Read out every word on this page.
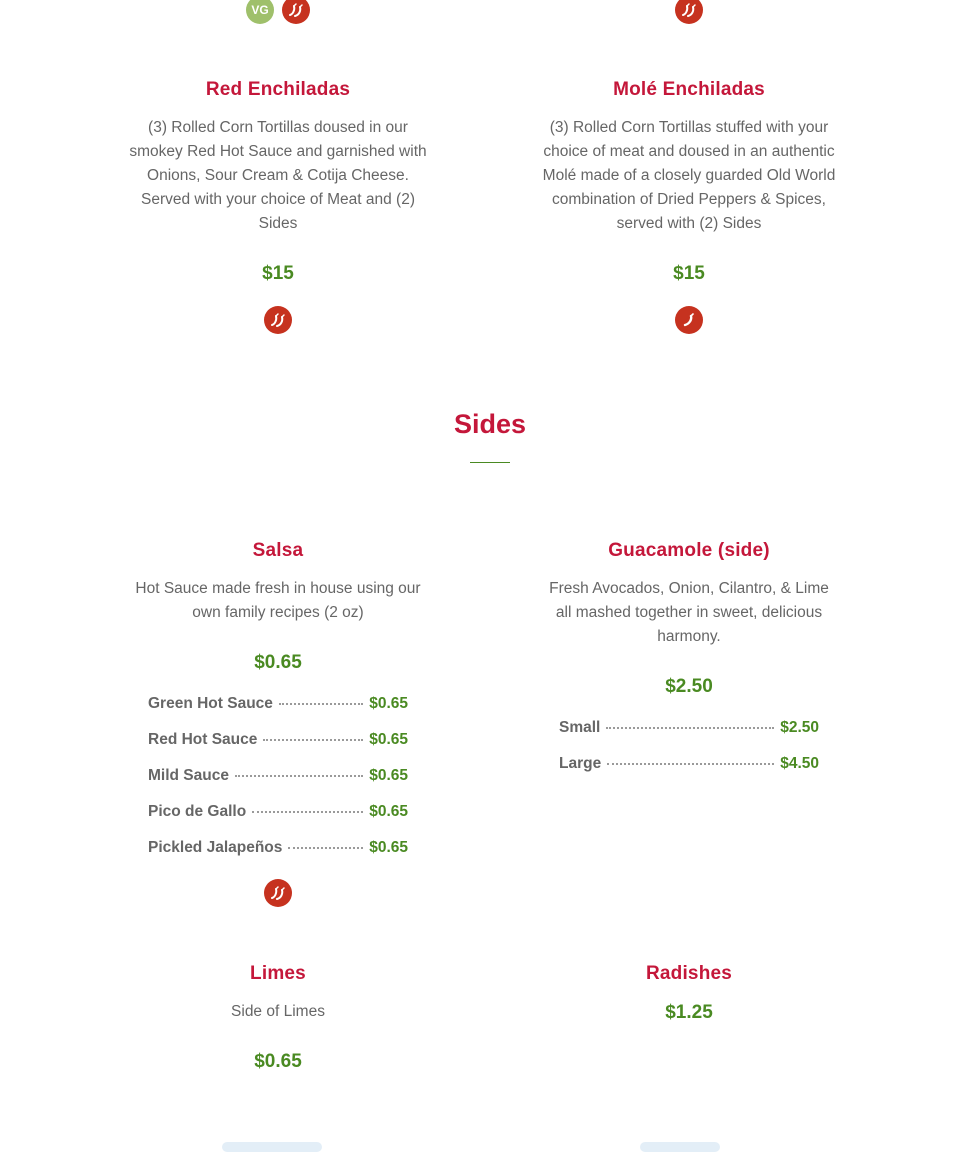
VG
Red Enchiladas
(3) Rolled Corn Tortillas doused in our smokey Red Hot Sauce and garnished with Onions, Sour Cream & Cotija Cheese. Served with your choice of Meat and (2) Sides
$15
Molé Enchiladas
(3) Rolled Corn Tortillas stuffed with your choice of meat and doused in an authentic Molé made of a closely guarded Old World combination of Dried Peppers & Spices, served with (2) Sides
$15
Sides
Salsa
Hot Sauce made fresh in house using our own family recipes (2 oz)
$0.65
Green Hot Sauce	$0.65
Red Hot Sauce	$0.65
Mild Sauce	$0.65
Pico de Gallo	$0.65
Pickled Jalapeños	$0.65
Guacamole (side)
Fresh Avocados, Onion, Cilantro, & Lime all mashed together in sweet, delicious harmony.
$2.50
Small	$2.50
Large	$4.50
Limes
Side of Limes
$0.65
Radishes
$1.25
